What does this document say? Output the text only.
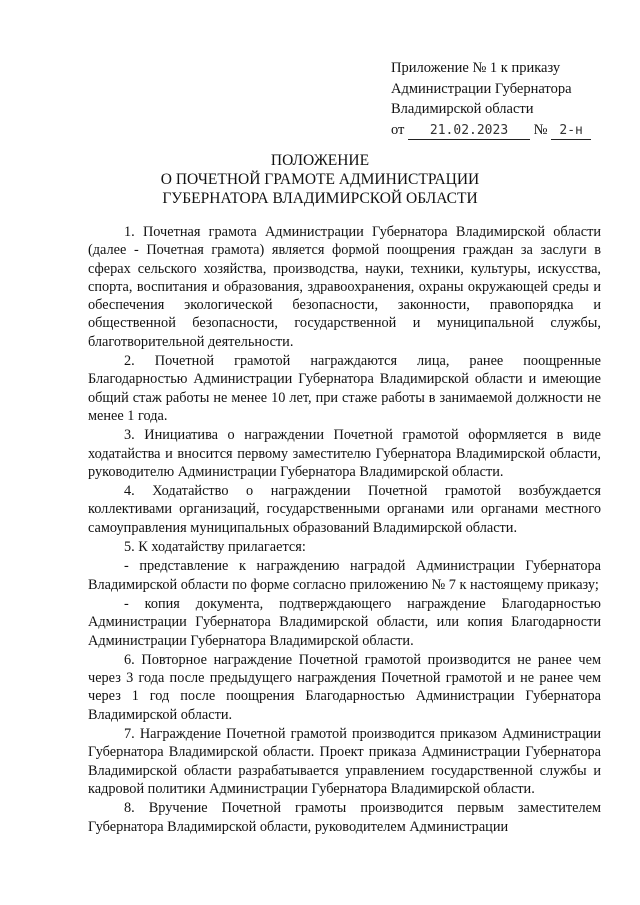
Приложение № 1 к приказу
Администрации Губернатора
Владимирской области
от 21.02.2023 № 2-н
ПОЛОЖЕНИЕ
О ПОЧЕТНОЙ ГРАМОТЕ АДМИНИСТРАЦИИ
ГУБЕРНАТОРА ВЛАДИМИРСКОЙ ОБЛАСТИ

1. Почетная грамота Администрации Губернатора Владимирской области (далее - Почетная грамота) является формой поощрения граждан за заслуги в сферах сельского хозяйства, производства, науки, техники, культуры, искусства, спорта, воспитания и образования, здравоохранения, охраны окружающей среды и обеспечения экологической безопасности, законности, правопорядка и общественной безопасности, государственной и муниципальной службы, благотворительной деятельности.

2. Почетной грамотой награждаются лица, ранее поощренные Благодарностью Администрации Губернатора Владимирской области и имеющие общий стаж работы не менее 10 лет, при стаже работы в занимаемой должности не менее 1 года.

3. Инициатива о награждении Почетной грамотой оформляется в виде ходатайства и вносится первому заместителю Губернатора Владимирской области, руководителю Администрации Губернатора Владимирской области.

4. Ходатайство о награждении Почетной грамотой возбуждается коллективами организаций, государственными органами или органами местного самоуправления муниципальных образований Владимирской области.

5. К ходатайству прилагается:

- представление к награждению наградой Администрации Губернатора Владимирской области по форме согласно приложению № 7 к настоящему приказу;

- копия документа, подтверждающего награждение Благодарностью Администрации Губернатора Владимирской области, или копия Благодарности Администрации Губернатора Владимирской области.

6. Повторное награждение Почетной грамотой производится не ранее чем через 3 года после предыдущего награждения Почетной грамотой и не ранее чем через 1 год после поощрения Благодарностью Администрации Губернатора Владимирской области.

7. Награждение Почетной грамотой производится приказом Администрации Губернатора Владимирской области. Проект приказа Администрации Губернатора Владимирской области разрабатывается управлением государственной службы и кадровой политики Администрации Губернатора Владимирской области.

8. Вручение Почетной грамоты производится первым заместителем Губернатора Владимирской области, руководителем Администрации
